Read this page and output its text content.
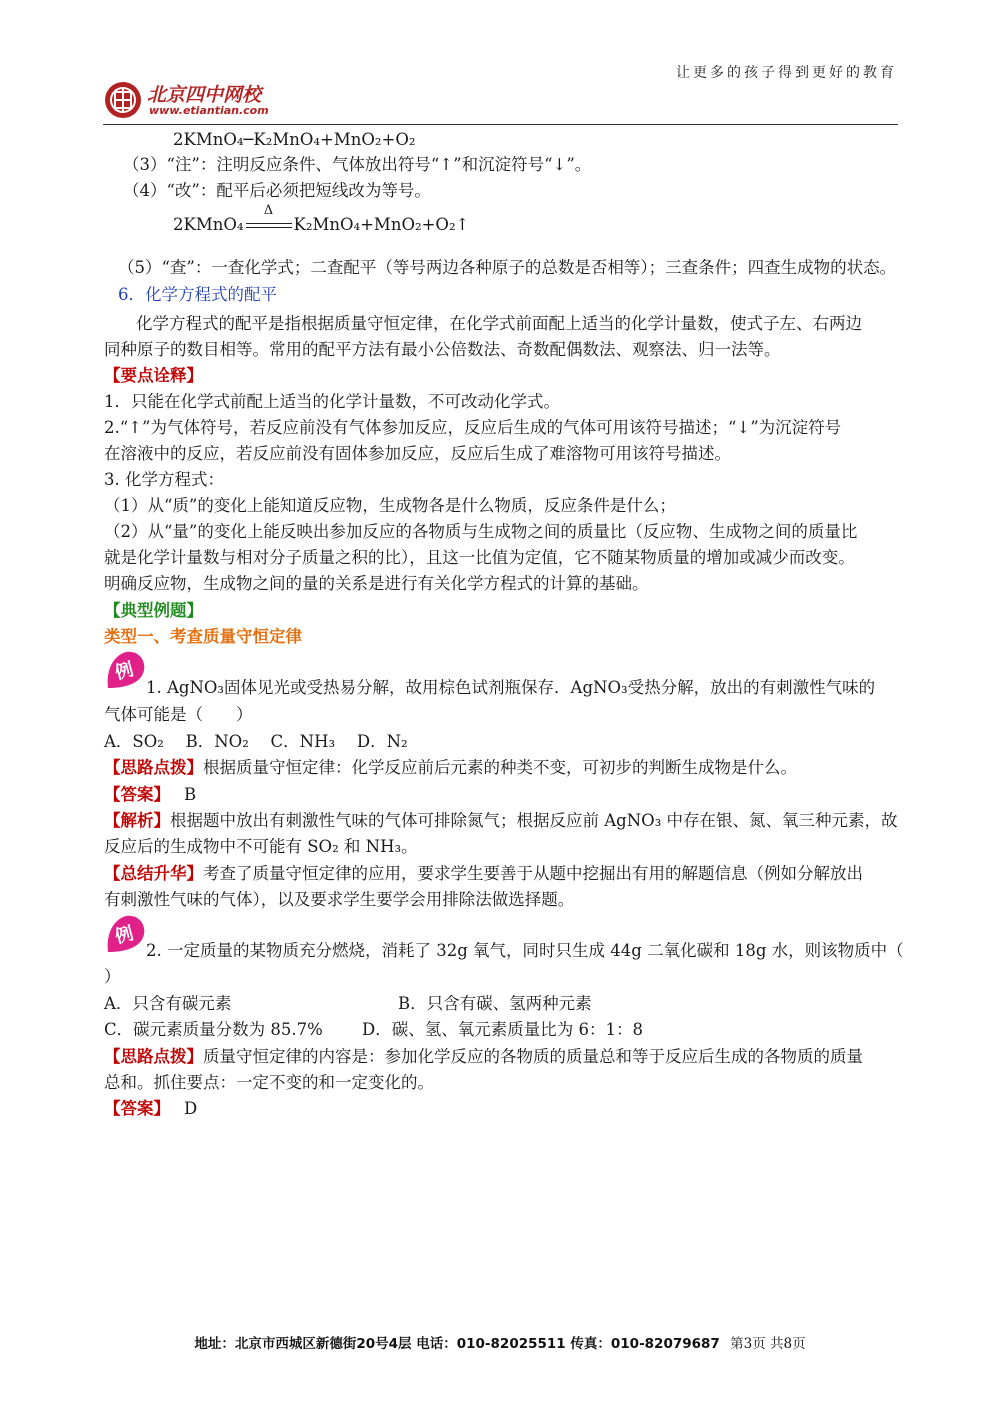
让更多的孩子得到更好的教育
北京四中网校
www.etiantian.com
2KMnO₄─K₂MnO₄+MnO₂+O₂
（3）“注”：注明反应条件、气体放出符号“↑”和沉淀符号“↓”。
（4）“改”：配平后必须把短线改为等号。
2KMnO₄
Δ
K₂MnO₄+MnO₂+O₂↑
（5）“查”：一查化学式；二查配平（等号两边各种原子的总数是否相等）；三查条件；四查生成物的状态。
6．化学方程式的配平
化学方程式的配平是指根据质量守恒定律，在化学式前面配上适当的化学计量数，使式子左、右两边
同种原子的数目相等。常用的配平方法有最小公倍数法、奇数配偶数法、观察法、归一法等。
【要点诠释】
1．只能在化学式前配上适当的化学计量数，不可改动化学式。
2.“↑”为气体符号，若反应前没有气体参加反应，反应后生成的气体可用该符号描述；“↓”为沉淀符号
在溶液中的反应，若反应前没有固体参加反应，反应后生成了难溶物可用该符号描述。
3. 化学方程式：
（1）从“质”的变化上能知道反应物，生成物各是什么物质，反应条件是什么；
（2）从“量”的变化上能反映出参加反应的各物质与生成物之间的质量比（反应物、生成物之间的质量比
就是化学计量数与相对分子质量之积的比），且这一比值为定值，它不随某物质量的增加或减少而改变。
明确反应物，生成物之间的量的关系是进行有关化学方程式的计算的基础。
【典型例题】
类型一、考查质量守恒定律
例
1. AgNO₃固体见光或受热易分解，故用棕色试剂瓶保存．AgNO₃受热分解，放出的有刺激性气味的
气体可能是（　　）
A．SO₂　 B．NO₂　 C．NH₃　 D．N₂
【思路点拨】根据质量守恒定律：化学反应前后元素的种类不变，可初步的判断生成物是什么。
【答案】 B
【解析】根据题中放出有刺激性气味的气体可排除氮气；根据反应前 AgNO₃ 中存在银、氮、氧三种元素，故
反应后的生成物中不可能有 SO₂ 和 NH₃。
【总结升华】考查了质量守恒定律的应用，要求学生要善于从题中挖掘出有用的解题信息（例如分解放出
有刺激性气味的气体），以及要求学生要学会用排除法做选择题。
例
2. 一定质量的某物质充分燃烧，消耗了 32g 氧气，同时只生成 44g 二氧化碳和 18g 水，则该物质中（
）
A．只含有碳元素	B．只含有碳、氢两种元素
C．碳元素质量分数为 85.7% D．碳、氢、氧元素质量比为 6：1：8
【思路点拨】质量守恒定律的内容是：参加化学反应的各物质的质量总和等于反应后生成的各物质的质量
总和。抓住要点：一定不变的和一定变化的。
【答案】 D
地址：北京市西城区新德街20号4层 电话：010-82025511 传真：010-82079687 第3页 共8页
